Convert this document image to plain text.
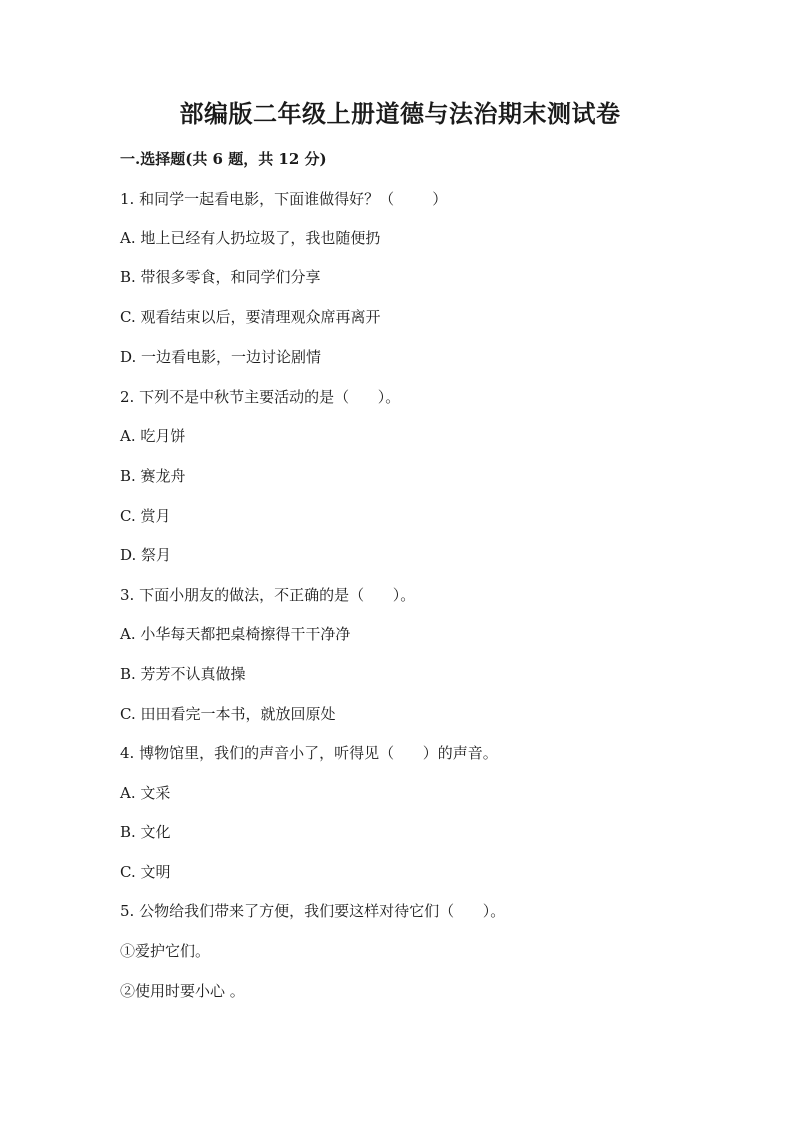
部编版二年级上册道德与法治期末测试卷
一.选择题(共 6 题，共 12 分)
1. 和同学一起看电影，下面谁做得好？（        ）
A. 地上已经有人扔垃圾了，我也随便扔
B. 带很多零食，和同学们分享
C. 观看结束以后，要清理观众席再离开
D. 一边看电影，一边讨论剧情
2. 下列不是中秋节主要活动的是（      ）。
A. 吃月饼
B. 赛龙舟
C. 赏月
D. 祭月
3. 下面小朋友的做法，不正确的是（      ）。
A. 小华每天都把桌椅擦得干干净净
B. 芳芳不认真做操
C. 田田看完一本书，就放回原处
4. 博物馆里，我们的声音小了，听得见（      ）的声音。
A. 文采
B. 文化
C. 文明
5. 公物给我们带来了方便，我们要这样对待它们（      ）。
①爱护它们。
②使用时要小心 。
